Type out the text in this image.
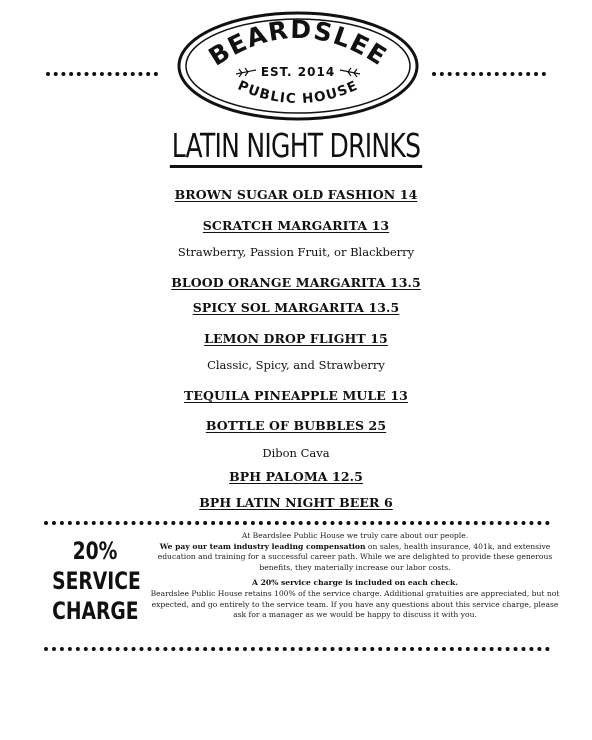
BEARDSLEE
EST. 2014
PUBLIC HOUSE
LATIN NIGHT DRINKS
BROWN SUGAR OLD FASHION 14
SCRATCH MARGARITA 13
Strawberry, Passion Fruit, or Blackberry
BLOOD ORANGE MARGARITA 13.5
SPICY SOL MARGARITA 13.5
LEMON DROP FLIGHT 15
Classic, Spicy, and Strawberry
TEQUILA PINEAPPLE MULE 13
BOTTLE OF BUBBLES 25
Dibon Cava
BPH PALOMA 12.5
BPH LATIN NIGHT BEER 6
20%
SERVICE
CHARGE

At Beardslee Public House we truly care about our people.

We pay our team industry leading compensation on sales, health insurance, 401k, and extensive education and training for a successful career path. While we are delighted to provide these generous benefits, they materially increase our labor costs.

A 20% service charge is included on each check.

Beardslee Public House retains 100% of the service charge. Additional gratuities are appreciated, but not expected, and go entirely to the service team. If you have any questions about this service charge, please ask for a manager as we would be happy to discuss it with you.
